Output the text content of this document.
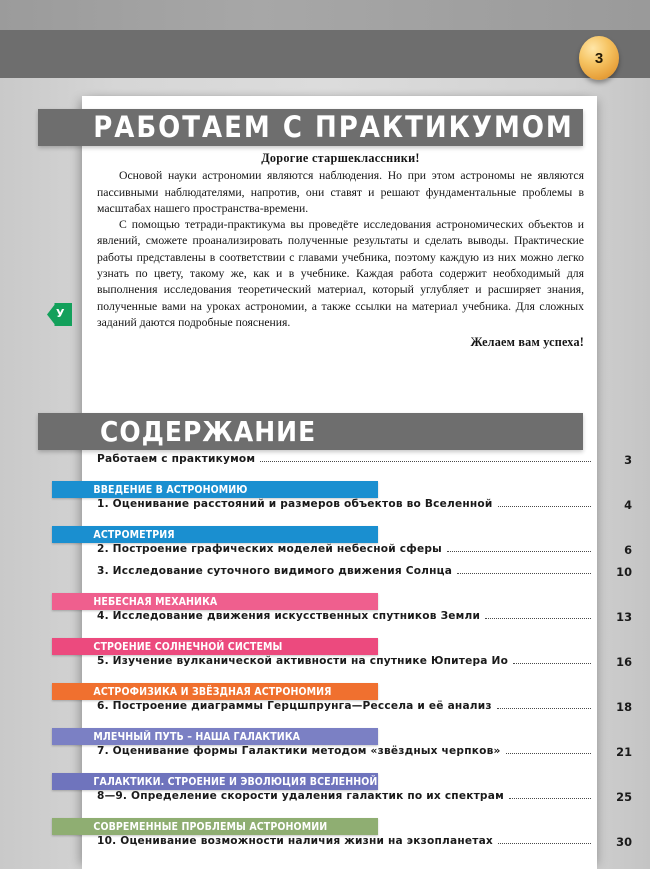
3
РАБОТАЕМ С ПРАКТИКУМОМ
Дорогие старшеклассники!

Основой науки астрономии являются наблюдения. Но при этом астрономы не являются пассивными наблюдателями, напротив, они ставят и решают фундаментальные проблемы в масштабах нашего пространства-времени.

С помощью тетради-практикума вы проведёте исследования астрономических объектов и явлений, сможете проанализировать полученные результаты и сделать выводы. Практические работы представлены в соответствии с главами учебника, поэтому каждую из них можно легко узнать по цвету, такому же, как и в учебнике. Каждая работа содержит необходимый для выполнения исследования теоретический материал, который углубляет и расширяет знания, полученные вами на уроках астрономии, а также ссылки на материал учебника. Для сложных заданий даются подробные пояснения.

Желаем вам успеха!
У
СОДЕРЖАНИЕ
Работаем с практикумом	3
ВВЕДЕНИЕ В АСТРОНОМИЮ
1. Оценивание расстояний и размеров объектов во Вселенной	4
АСТРОМЕТРИЯ
2. Построение графических моделей небесной сферы	6
3. Исследование суточного видимого движения Солнца	10
НЕБЕСНАЯ МЕХАНИКА
4. Исследование движения искусственных спутников Земли	13
СТРОЕНИЕ СОЛНЕЧНОЙ СИСТЕМЫ
5. Изучение вулканической активности на спутнике Юпитера Ио	16
АСТРОФИЗИКА И ЗВЁЗДНАЯ АСТРОНОМИЯ
6. Построение диаграммы Герцшпрунга—Рессела и её анализ	18
МЛЕЧНЫЙ ПУТЬ – НАША ГАЛАКТИКА
7. Оценивание формы Галактики методом «звёздных черпков»	21
ГАЛАКТИКИ. СТРОЕНИЕ И ЭВОЛЮЦИЯ ВСЕЛЕННОЙ
8—9. Определение скорости удаления галактик по их спектрам	25
СОВРЕМЕННЫЕ ПРОБЛЕМЫ АСТРОНОМИИ
10. Оценивание возможности наличия жизни на экзопланетах	30
